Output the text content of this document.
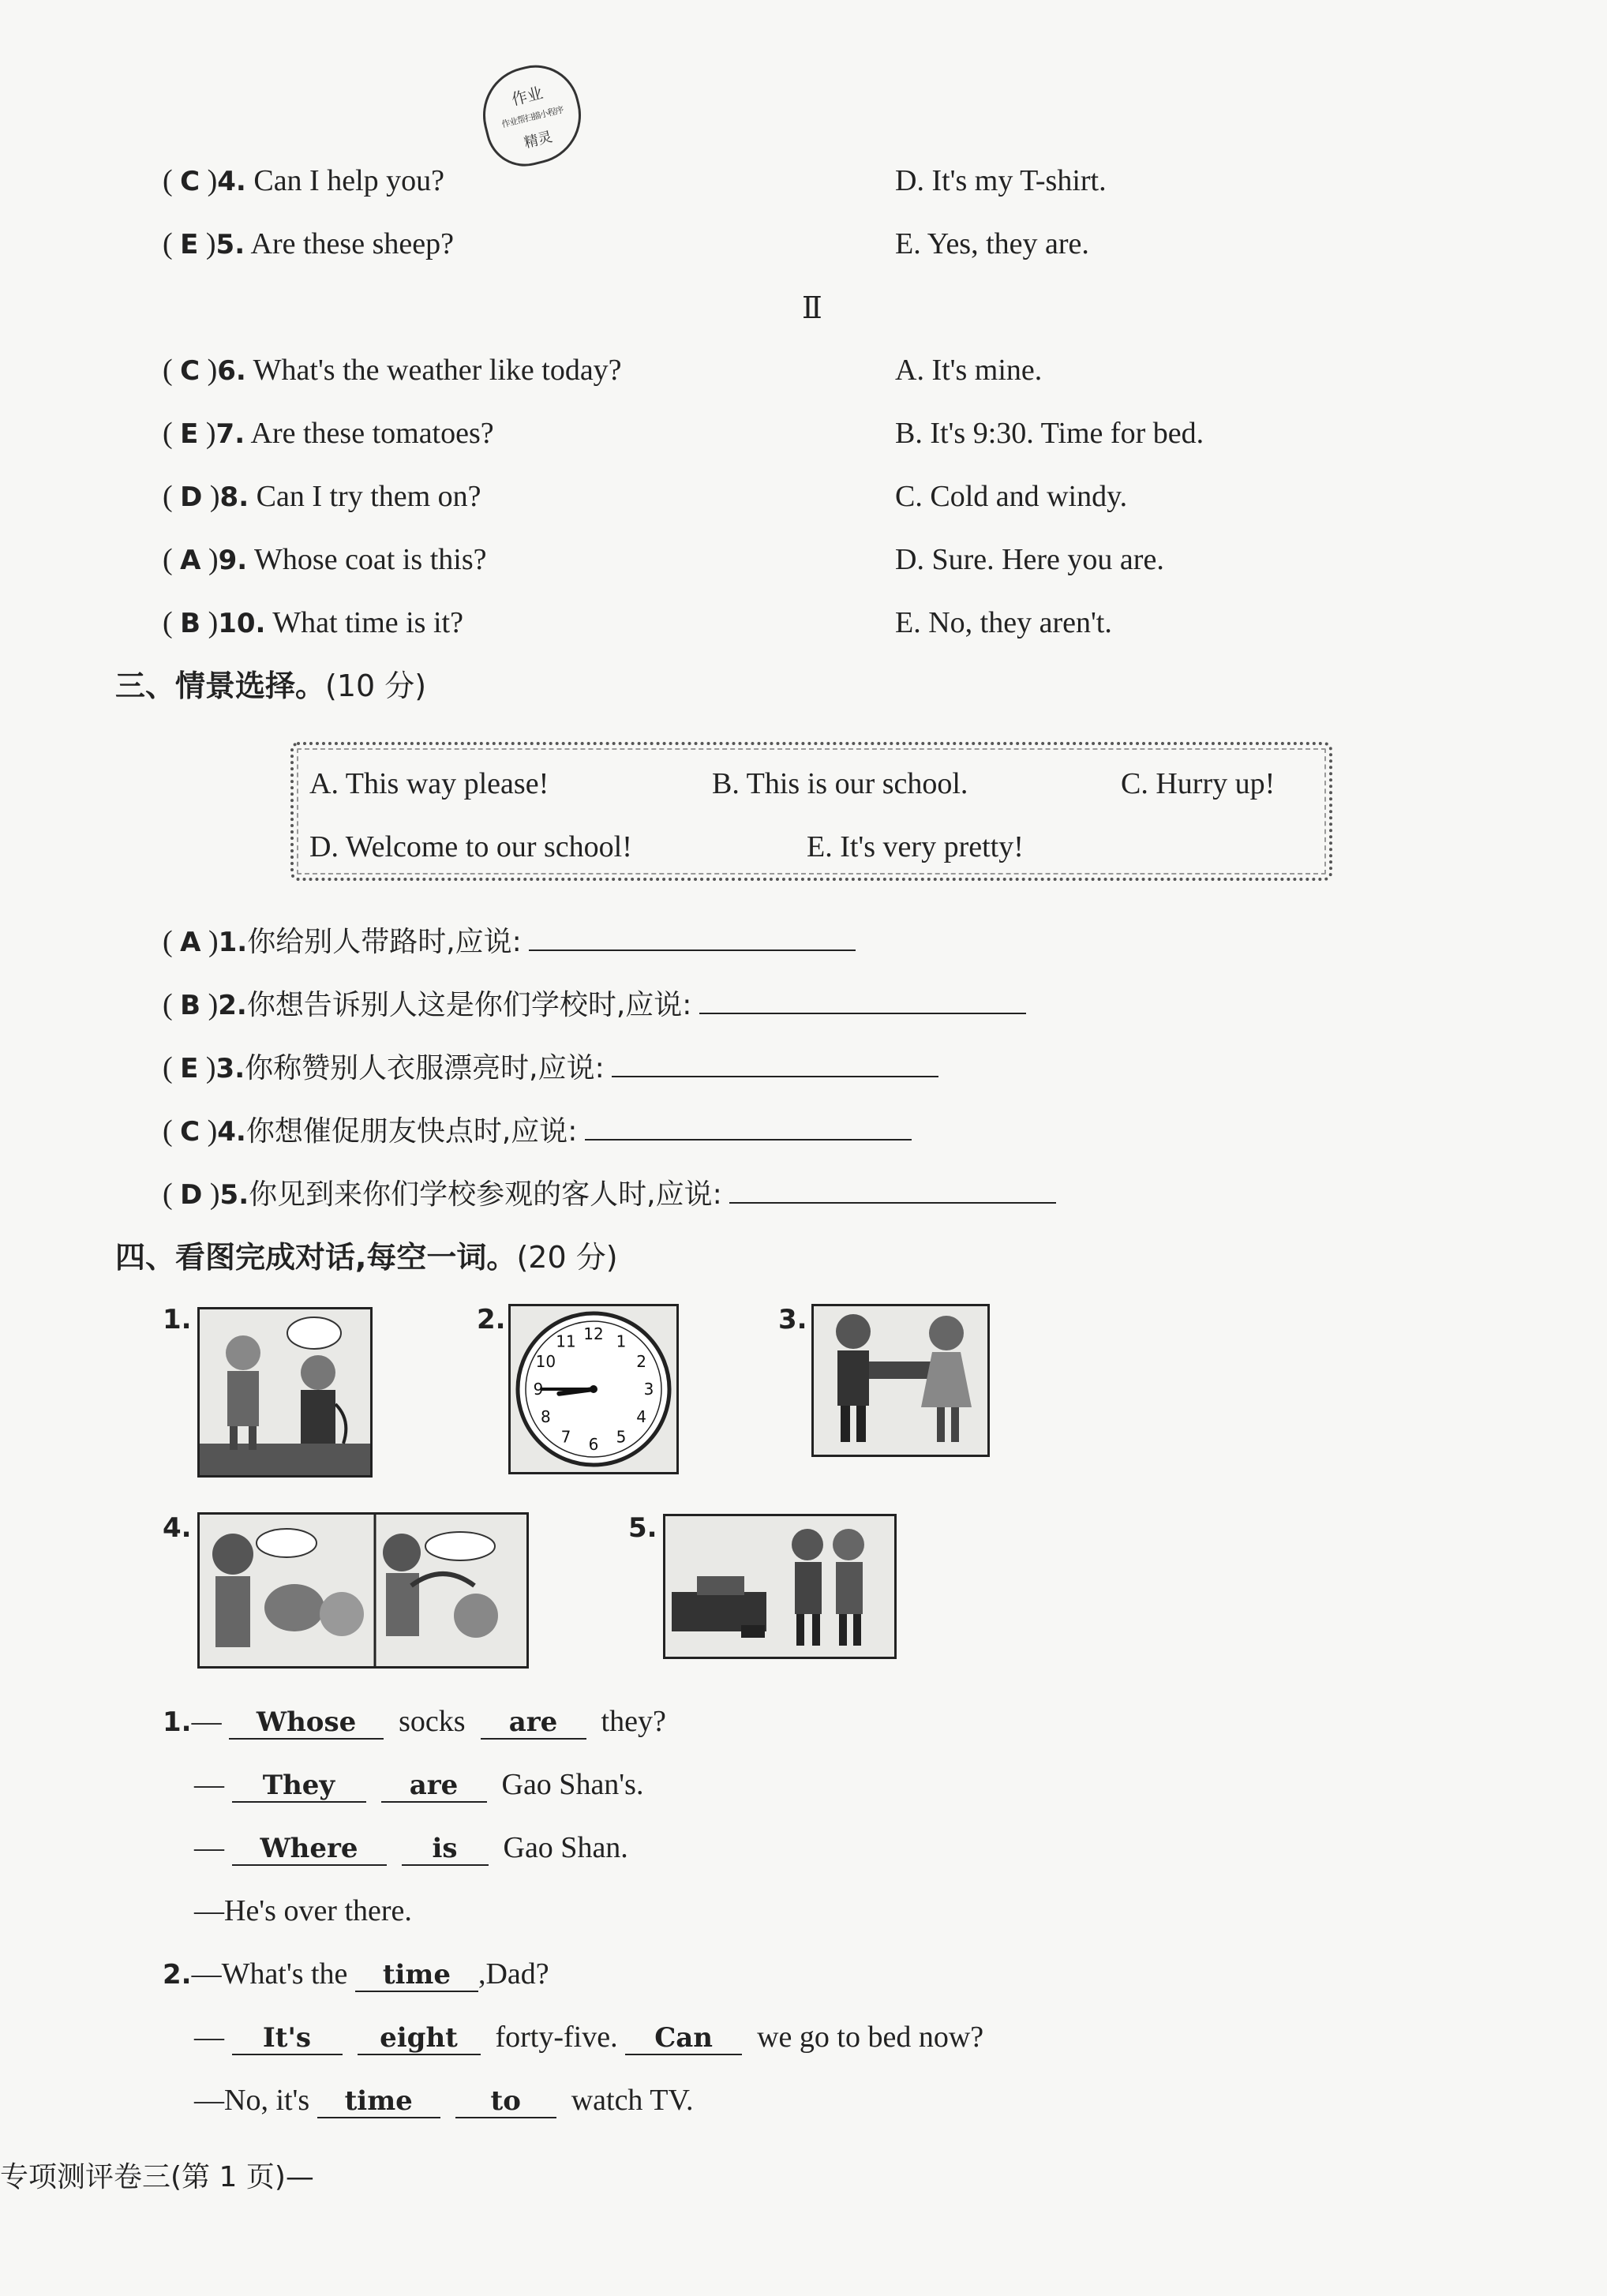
作业
作业帮扫描小程序
精灵
( C )4. Can I help you?	D. It's my T-shirt.
( E )5. Are these sheep?	E. Yes, they are.
Ⅱ
( C )6. What's the weather like today?	A. It's mine.
( E )7. Are these tomatoes?	B. It's 9:30. Time for bed.
( D )8. Can I try them on?	C. Cold and windy.
( A )9. Whose coat is this?	D. Sure. Here you are.
( B )10. What time is it?	E. No, they aren't.
三、情景选择。(10 分)
A. This way please!	B. This is our school.	C. Hurry up!
D. Welcome to our school!	E. It's very pretty!
( A )1.你给别人带路时,应说:
( B )2.你想告诉别人这是你们学校时,应说:
( E )3.你称赞别人衣服漂亮时,应说:
( C )4.你想催促朋友快点时,应说:
( D )5.你见到来你们学校参观的客人时,应说:
四、看图完成对话,每空一词。(20 分)
1.	2.	12 1
2
3
4
5
6
7
8
9
10
11
3.
4.	5.
1.— Whose socks are they?
— They	are Gao Shan's.
— Where	is Gao Shan.
—He's over there.
2.—What's the time ,Dad?
— It's	eight forty-five. Can we go to bed now?
—No, it's time	to watch TV.
专项测评卷三(第 1 页)—
